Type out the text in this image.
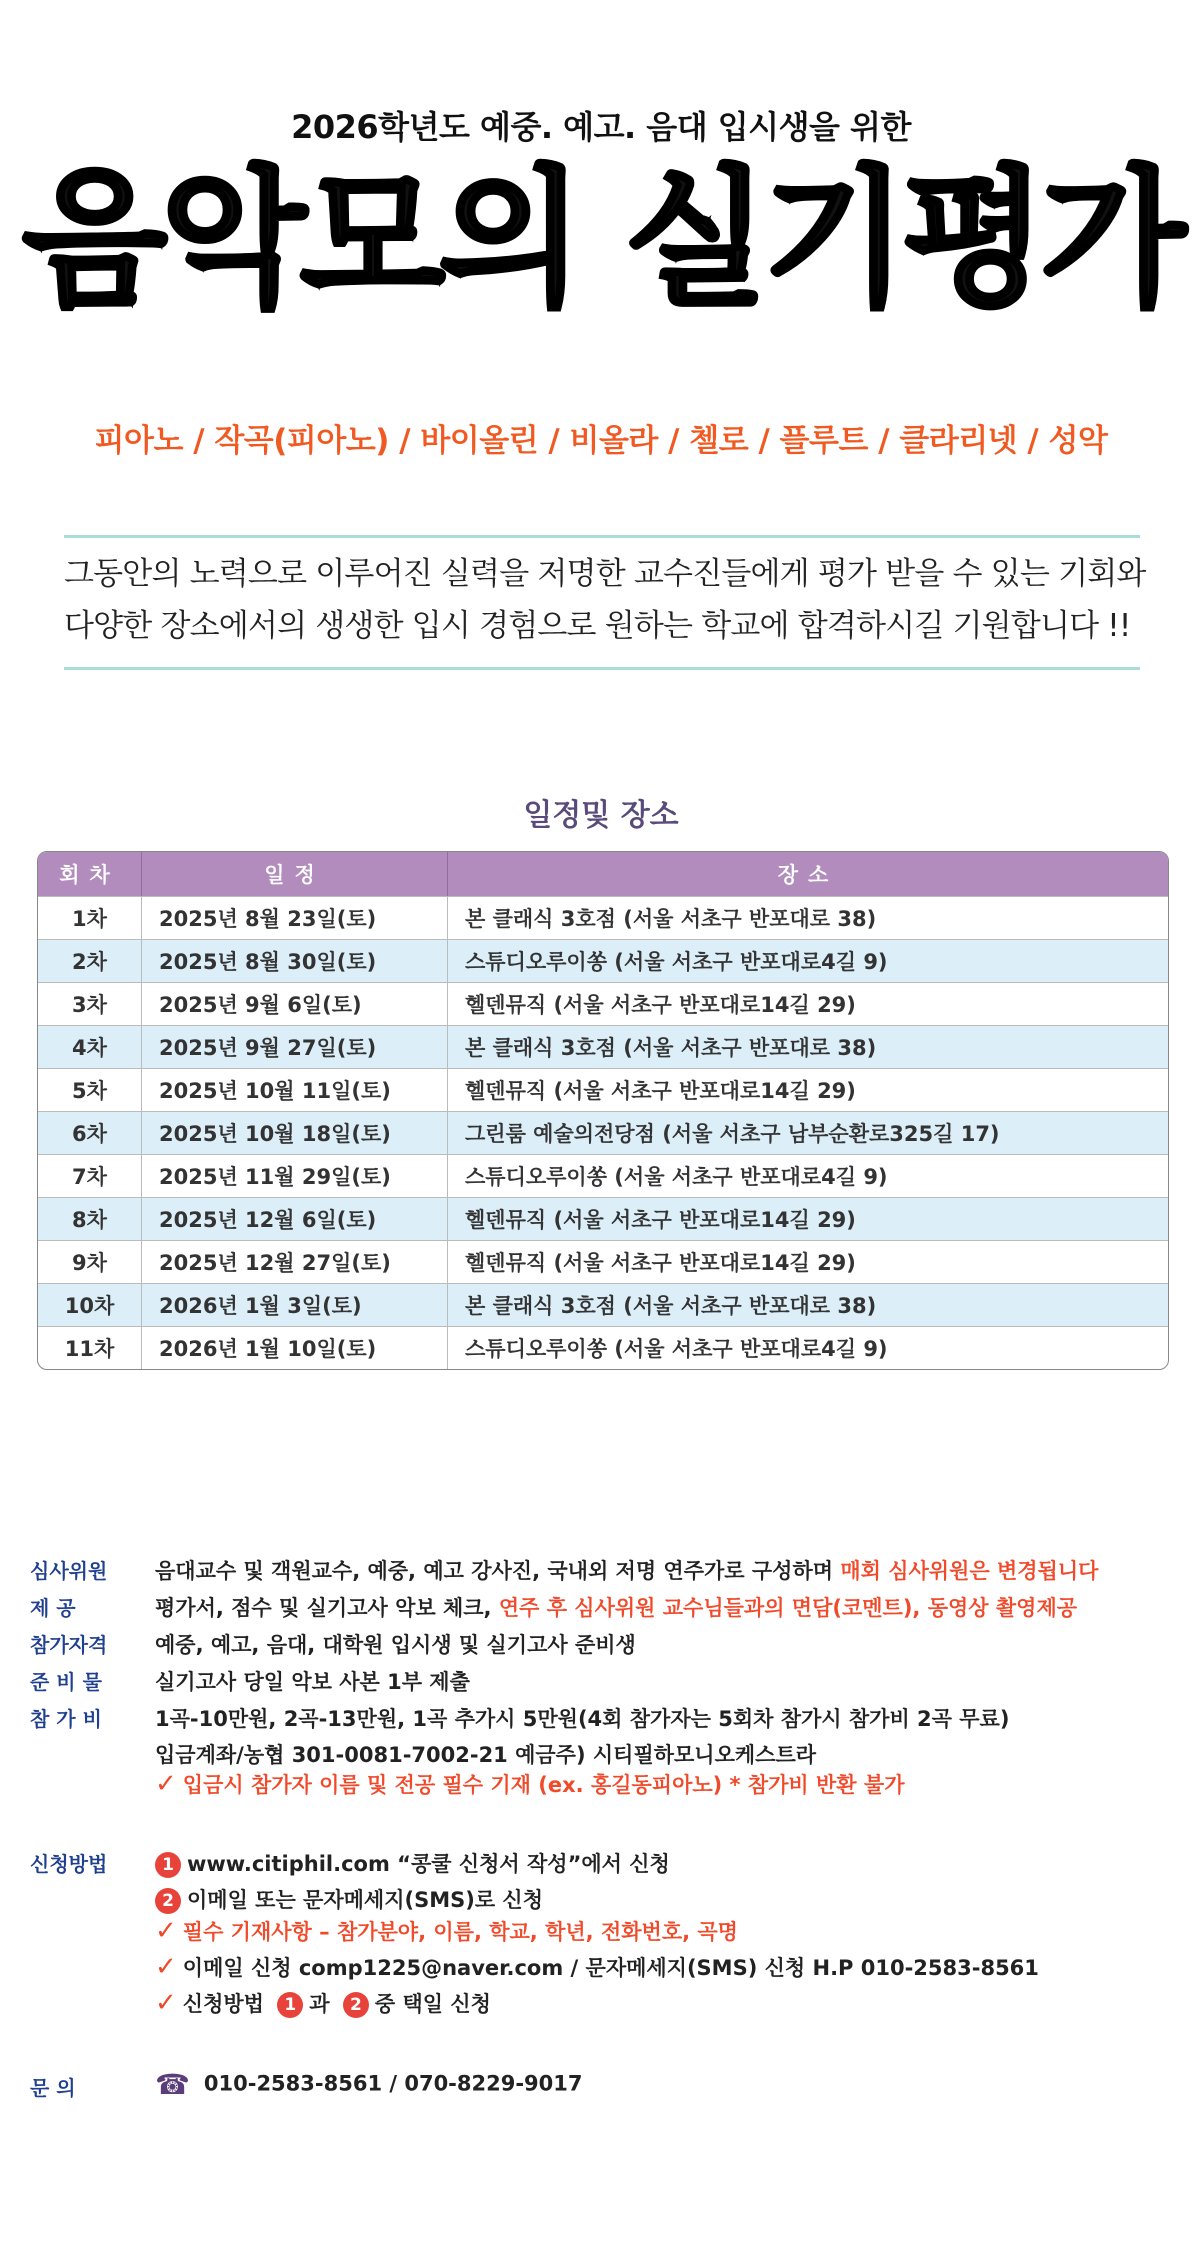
2026학년도 예중. 예고. 음대 입시생을 위한
음악모의 실기평가
피아노 / 작곡(피아노) / 바이올린 / 비올라 / 첼로 / 플루트 / 클라리넷 / 성악
그동안의 노력으로 이루어진 실력을 저명한 교수진들에게 평가 받을 수 있는 기회와
다양한 장소에서의 생생한 입시 경험으로 원하는 학교에 합격하시길 기원합니다 !!
일정및 장소
회차	일정	장소
1차	2025년 8월 23일(토)	본 클래식 3호점 (서울 서초구 반포대로 38)
2차	2025년 8월 30일(토)	스튜디오루이쏭 (서울 서초구 반포대로4길 9)
3차	2025년 9월 6일(토)	헬덴뮤직 (서울 서초구 반포대로14길 29)
4차	2025년 9월 27일(토)	본 클래식 3호점 (서울 서초구 반포대로 38)
5차	2025년 10월 11일(토)	헬덴뮤직 (서울 서초구 반포대로14길 29)
6차	2025년 10월 18일(토)	그린룸 예술의전당점 (서울 서초구 남부순환로325길 17)
7차	2025년 11월 29일(토)	스튜디오루이쏭 (서울 서초구 반포대로4길 9)
8차	2025년 12월 6일(토)	헬덴뮤직 (서울 서초구 반포대로14길 29)
9차	2025년 12월 27일(토)	헬덴뮤직 (서울 서초구 반포대로14길 29)
10차	2026년 1월 3일(토)	본 클래식 3호점 (서울 서초구 반포대로 38)
11차	2026년 1월 10일(토)	스튜디오루이쏭 (서울 서초구 반포대로4길 9)
심사위원	음대교수 및 객원교수, 예중, 예고 강사진, 국내외 저명 연주가로 구성하며 매회 심사위원은 변경됩니다
제 공	평가서, 점수 및 실기고사 악보 체크, 연주 후 심사위원 교수님들과의 면담(코멘트), 동영상 촬영제공
참가자격	예중, 예고, 음대, 대학원 입시생 및 실기고사 준비생
준 비 물	실기고사 당일 악보 사본 1부 제출
참 가 비	1곡-10만원, 2곡-13만원, 1곡 추가시 5만원(4회 참가자는 5회차 참가시 참가비 2곡 무료)
입금계좌/농협 301-0081-7002-21 예금주) 시티필하모니오케스트라
✓ 입금시 참가자 이름 및 전공 필수 기재 (ex. 홍길동피아노) * 참가비 반환 불가
신청방법	1 www.citiphil.com “콩쿨 신청서 작성”에서 신청
2 이메일 또는 문자메세지(SMS)로 신청
✓ 필수 기재사항 – 참가분야, 이름, 학교, 학년, 전화번호, 곡명
✓ 이메일 신청 comp1225@naver.com / 문자메세지(SMS) 신청 H.P 010-2583-8561
✓ 신청방법 1 과 2 중 택일 신청
문 의	☎ 010-2583-8561 / 070-8229-9017
